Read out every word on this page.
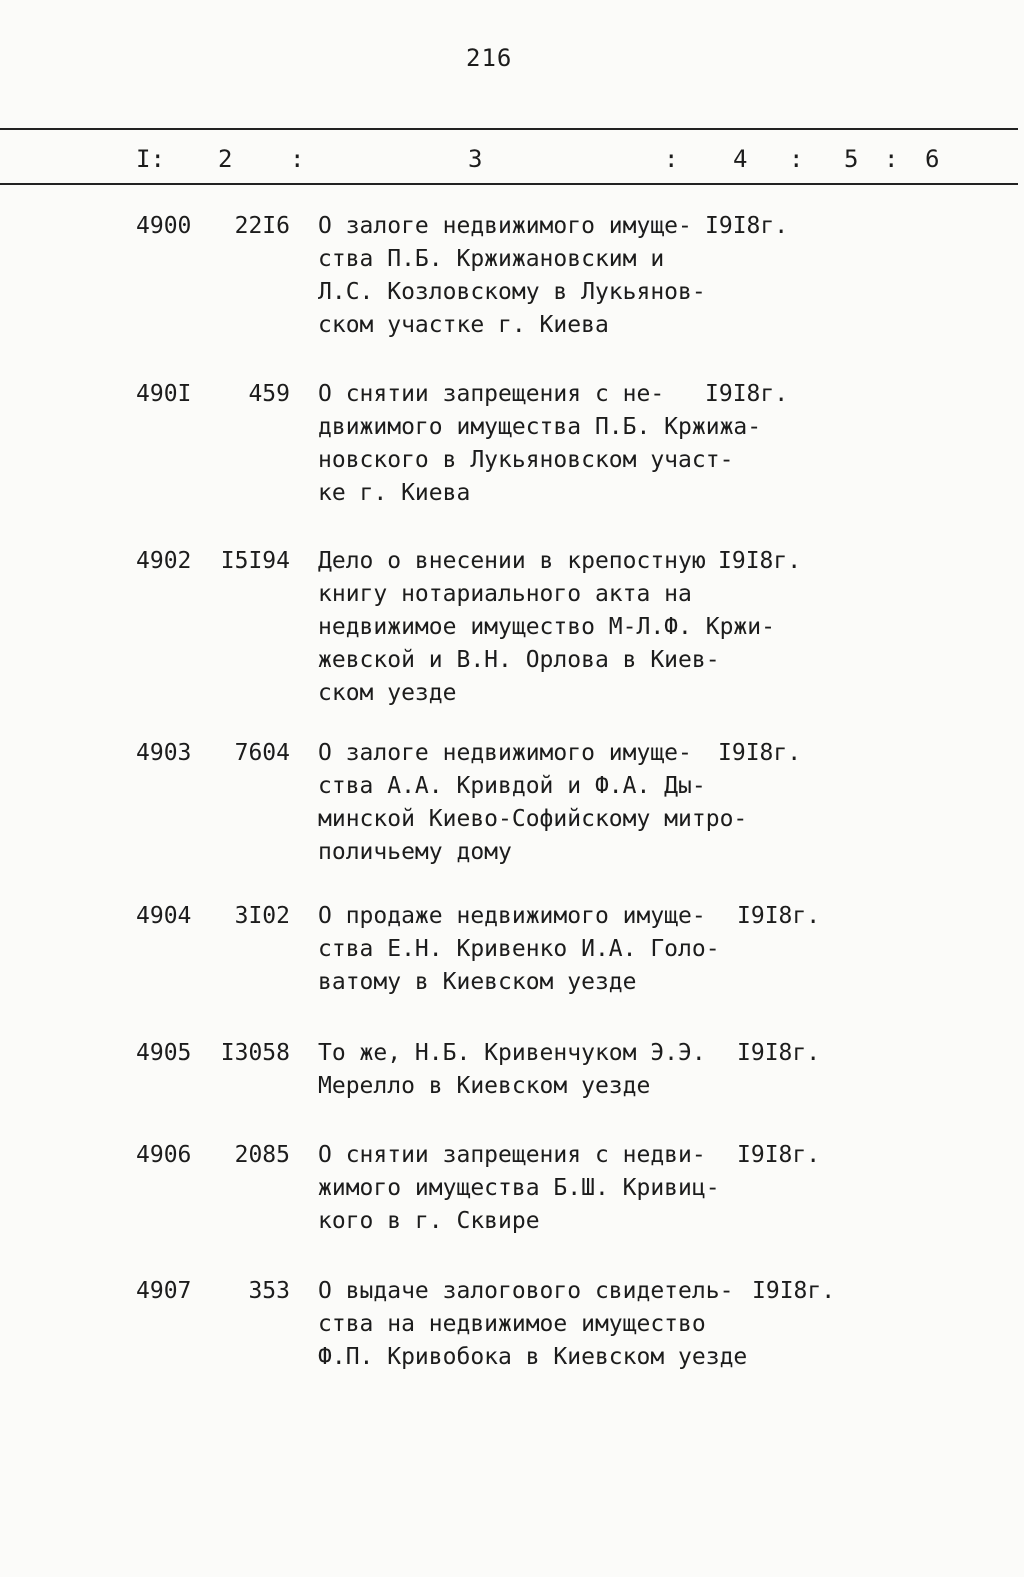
216
I: 2 :	3	: 4 : 5 : 6
4900 22I6 О залоге недвижимого имуще-
ства П.Б. Кржижановским и
Л.С. Козловскому в Лукьянов-
ском участке г. Киева
I9I8г.
490I 459 О снятии запрещения с не-
движимого имущества П.Б. Кржижа-
новского в Лукьяновском участ-
ке г. Киева
I9I8г.
4902 I5I94 Дело о внесении в крепостную
книгу нотариального акта на
недвижимое имущество М-Л.Ф. Кржи-
жевской и В.Н. Орлова в Киев-
ском уезде
I9I8г.
4903 7604 О залоге недвижимого имуще-
ства А.А. Кривдой и Ф.А. Ды-
минской Киево-Софийскому митро-
поличьему дому
I9I8г.
4904 3I02 О продаже недвижимого имуще-
ства Е.Н. Кривенко И.А. Голо-
ватому в Киевском уезде
I9I8г.
4905 I3058 То же, Н.Б. Кривенчуком Э.Э.
Мерелло в Киевском уезде
I9I8г.
4906 2085 О снятии запрещения с недви-
жимого имущества Б.Ш. Кривиц-
кого в г. Сквире
I9I8г.
4907 353 О выдаче залогового свидетель-
ства на недвижимое имущество
Ф.П. Кривобока в Киевском уезде
I9I8г.
